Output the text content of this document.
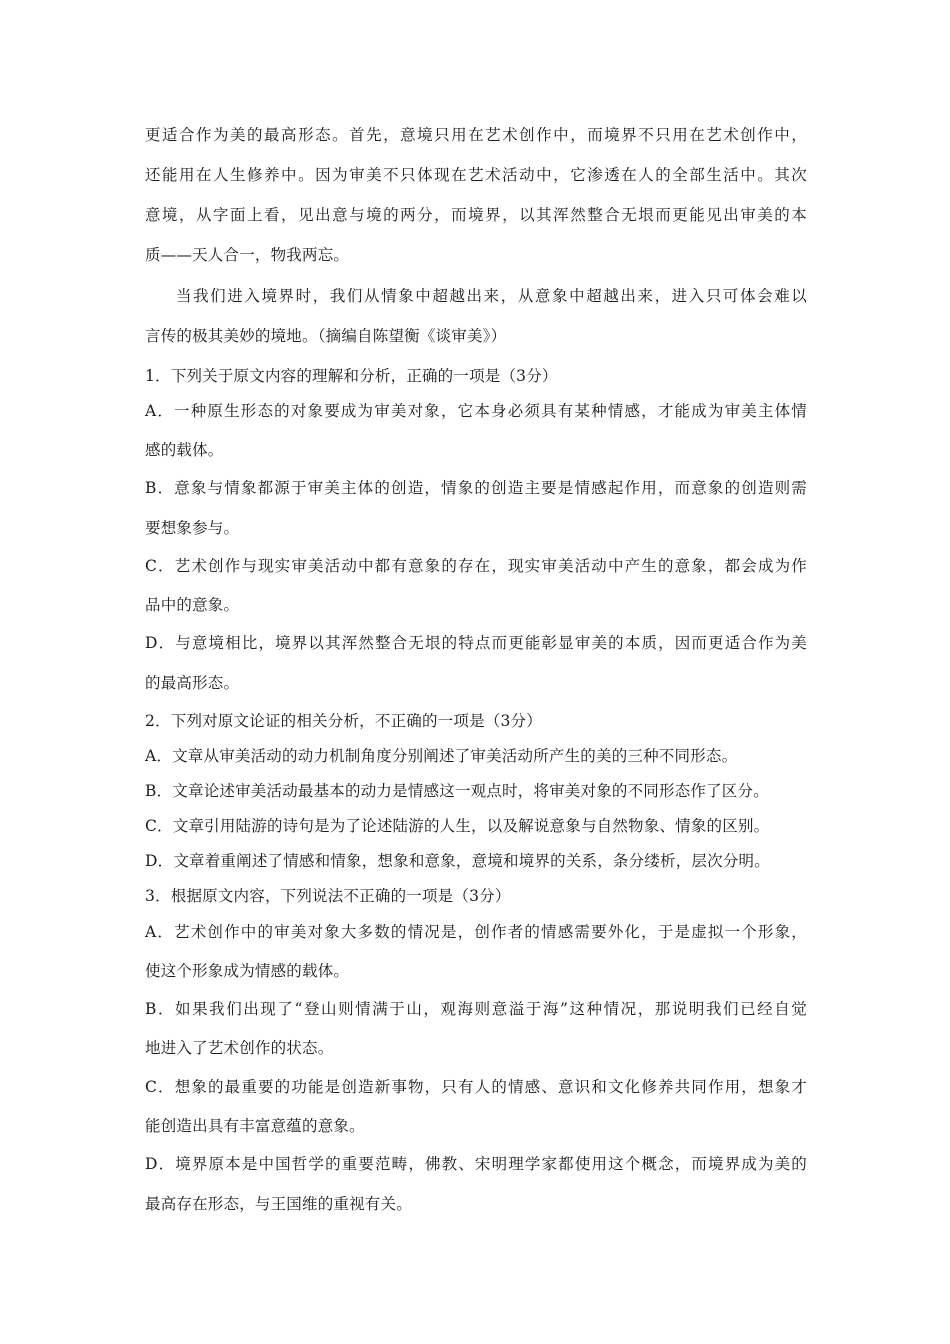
更适合作为美的最高形态。首先，意境只用在艺术创作中，而境界不只用在艺术创作中，
还能用在人生修养中。因为审美不只体现在艺术活动中，它渗透在人的全部生活中。其次
意境，从字面上看，见出意与境的两分，而境界，以其浑然整合无垠而更能见出审美的本
质——天人合一，物我两忘。
当我们进入境界时，我们从情象中超越出来，从意象中超越出来，进入只可体会难以
言传的极其美妙的境地。（摘编自陈望衡《谈审美》）
1．下列关于原文内容的理解和分析，正确的一项是（3分）
A．一种原生形态的对象要成为审美对象，它本身必须具有某种情感，才能成为审美主体情
感的载体。
B．意象与情象都源于审美主体的创造，情象的创造主要是情感起作用，而意象的创造则需
要想象参与。
C．艺术创作与现实审美活动中都有意象的存在，现实审美活动中产生的意象，都会成为作
品中的意象。
D．与意境相比，境界以其浑然整合无垠的特点而更能彰显审美的本质，因而更适合作为美
的最高形态。
2．下列对原文论证的相关分析，不正确的一项是（3分）
A．文章从审美活动的动力机制角度分别阐述了审美活动所产生的美的三种不同形态。
B．文章论述审美活动最基本的动力是情感这一观点时，将审美对象的不同形态作了区分。
C．文章引用陆游的诗句是为了论述陆游的人生，以及解说意象与自然物象、情象的区别。
D．文章着重阐述了情感和情象，想象和意象，意境和境界的关系，条分缕析，层次分明。
3．根据原文内容，下列说法不正确的一项是（3分）
A．艺术创作中的审美对象大多数的情况是，创作者的情感需要外化，于是虚拟一个形象，
使这个形象成为情感的载体。
B．如果我们出现了“登山则情满于山，观海则意溢于海”这种情况，那说明我们已经自觉
地进入了艺术创作的状态。
C．想象的最重要的功能是创造新事物，只有人的情感、意识和文化修养共同作用，想象才
能创造出具有丰富意蕴的意象。
D．境界原本是中国哲学的重要范畴，佛教、宋明理学家都使用这个概念，而境界成为美的
最高存在形态，与王国维的重视有关。
